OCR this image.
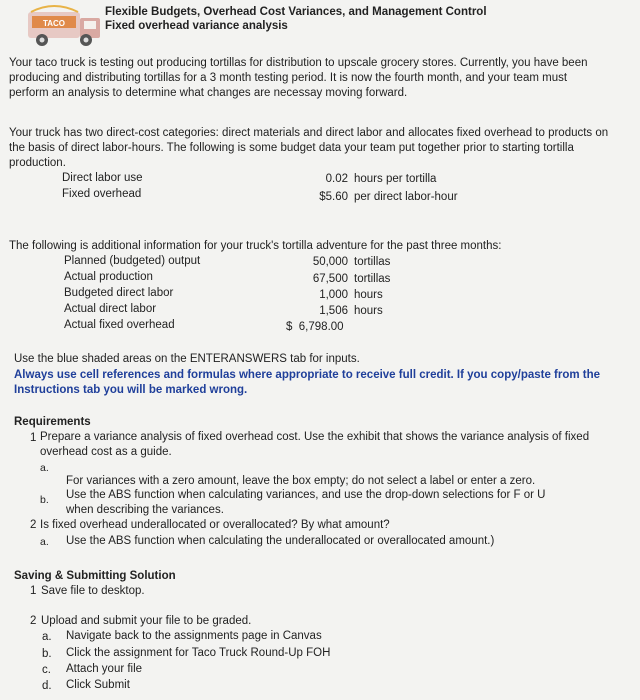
TACO
Flexible Budgets, Overhead Cost Variances, and Management Control
Fixed overhead variance analysis
Your taco truck is testing out producing tortillas for distribution to upscale grocery stores. Currently, you have been producing and distributing tortillas for a 3 month testing period. It is now the fourth month, and your team must perform an analysis to determine what changes are necessay moving forward.
Your truck has two direct-cost categories: direct materials and direct labor and allocates fixed overhead to products on the basis of direct labor-hours. The following is some budget data your team put together prior to starting tortilla production.
Direct labor use	0.02 hours per tortilla
Fixed overhead	$5.60 per direct labor-hour
The following is additional information for your truck's tortilla adventure for the past three months:
Planned (budgeted) output	50,000 tortillas
Actual production	67,500 tortillas
Budgeted direct labor	1,000 hours
Actual direct labor	1,506 hours
Actual fixed overhead	$  6,798.00
Use the blue shaded areas on the ENTERANSWERS tab for inputs.
Always use cell references and formulas where appropriate to receive full credit. If you copy/paste from the Instructions tab you will be marked wrong.
Requirements
1 Prepare a variance analysis of fixed overhead cost. Use the exhibit that shows the variance analysis of fixed overhead cost as a guide.
a.
For variances with a zero amount, leave the box empty; do not select a label or enter a zero.
b. Use the ABS function when calculating variances, and use the drop-down selections for F or U
when describing the variances.
2 Is fixed overhead underallocated or overallocated? By what amount?
a. Use the ABS function when calculating the underallocated or overallocated amount.)
Saving & Submitting Solution
1 Save file to desktop.
2 Upload and submit your file to be graded.
a. Navigate back to the assignments page in Canvas
b. Click the assignment for Taco Truck Round-Up FOH
c. Attach your file
d. Click Submit
